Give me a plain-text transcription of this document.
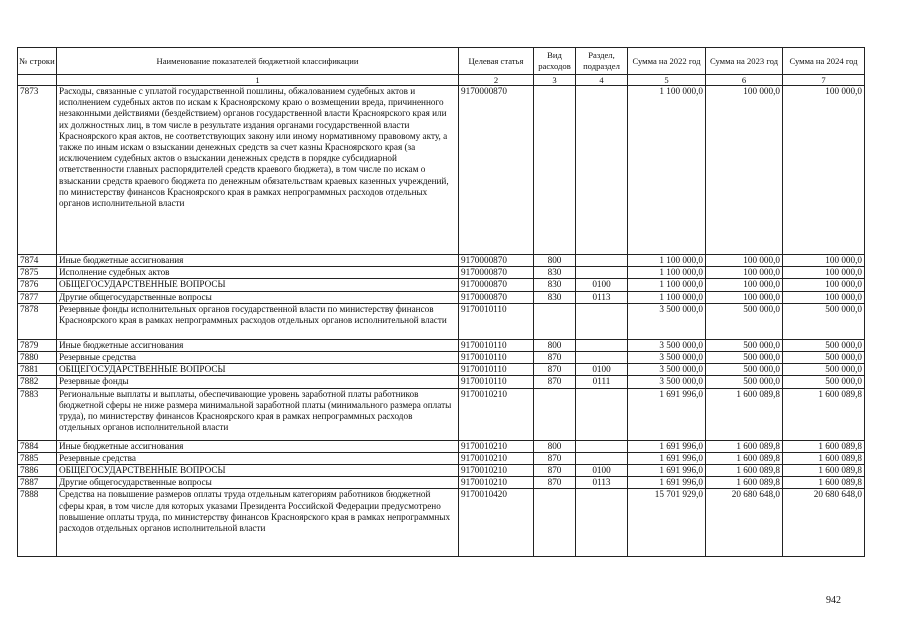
№ строки	Наименование показателей бюджетной классификации	Целевая статья	Вид расходов	Раздел, подраздел	Сумма на 2022 год	Сумма на 2023 год	Сумма на 2024 год
	1	2	3	4	5	6	7
7873	Расходы, связанные с уплатой государственной пошлины, обжалованием судебных актов и исполнением судебных актов по искам к Красноярскому краю о возмещении вреда, причиненного незаконными действиями (бездействием) органов государственной власти Красноярского края или их должностных лиц, в том числе в результате издания органами государственной власти Красноярского края актов, не соответствующих закону или иному нормативному правовому акту, а также по иным искам о взыскании денежных средств за счет казны Красноярского края (за исключением судебных актов о взыскании денежных средств в порядке субсидиарной ответственности главных распорядителей средств краевого бюджета), в том числе по искам о взыскании средств краевого бюджета по денежным обязательствам краевых казенных учреждений, по министерству финансов Красноярского края в рамках непрограммных расходов отдельных органов исполнительной власти	9170000870			1 100 000,0	100 000,0	100 000,0
7874	Иные бюджетные ассигнования	9170000870	800		1 100 000,0	100 000,0	100 000,0
7875	Исполнение судебных актов	9170000870	830		1 100 000,0	100 000,0	100 000,0
7876	ОБЩЕГОСУДАРСТВЕННЫЕ ВОПРОСЫ	9170000870	830	0100	1 100 000,0	100 000,0	100 000,0
7877	Другие общегосударственные вопросы	9170000870	830	0113	1 100 000,0	100 000,0	100 000,0
7878	Резервные фонды исполнительных органов государственной власти по министерству финансов Красноярского края в рамках непрограммных расходов отдельных органов исполнительной власти	9170010110			3 500 000,0	500 000,0	500 000,0
7879	Иные бюджетные ассигнования	9170010110	800		3 500 000,0	500 000,0	500 000,0
7880	Резервные средства	9170010110	870		3 500 000,0	500 000,0	500 000,0
7881	ОБЩЕГОСУДАРСТВЕННЫЕ ВОПРОСЫ	9170010110	870	0100	3 500 000,0	500 000,0	500 000,0
7882	Резервные фонды	9170010110	870	0111	3 500 000,0	500 000,0	500 000,0
7883	Региональные выплаты и выплаты, обеспечивающие уровень заработной платы работников бюджетной сферы не ниже размера минимальной заработной платы (минимального размера оплаты труда), по министерству финансов Красноярского края в рамках непрограммных расходов отдельных органов исполнительной власти	9170010210			1 691 996,0	1 600 089,8	1 600 089,8
7884	Иные бюджетные ассигнования	9170010210	800		1 691 996,0	1 600 089,8	1 600 089,8
7885	Резервные средства	9170010210	870		1 691 996,0	1 600 089,8	1 600 089,8
7886	ОБЩЕГОСУДАРСТВЕННЫЕ ВОПРОСЫ	9170010210	870	0100	1 691 996,0	1 600 089,8	1 600 089,8
7887	Другие общегосударственные вопросы	9170010210	870	0113	1 691 996,0	1 600 089,8	1 600 089,8
7888	Средства на повышение размеров оплаты труда отдельным категориям работников бюджетной сферы края, в том числе для которых указами Президента Российской Федерации предусмотрено повышение оплаты труда, по министерству финансов Красноярского края в рамках непрограммных расходов отдельных органов исполнительной власти	9170010420			15 701 929,0	20 680 648,0	20 680 648,0
942
